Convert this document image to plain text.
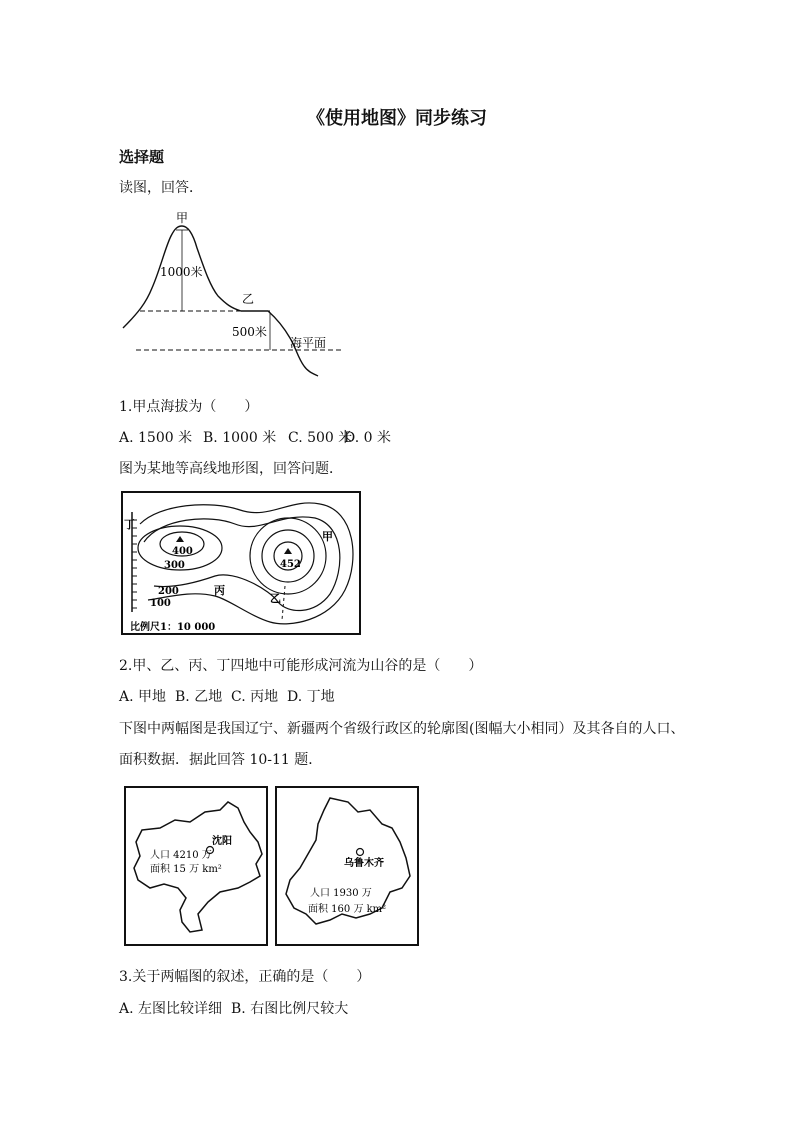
《使用地图》同步练习
选择题
读图，回答．
甲
1000米
乙
500米
海平面
1.甲点海拔为（　　）
A. 1500 米 B. 1000 米 C. 500 米D. 0 米
图为某地等高线地形图，回答问题．
丁
400
300	452
甲
200
100
丙
乙
比例尺1：10 000
2.甲、乙、丙、丁四地中可能形成河流为山谷的是（　　）
A. 甲地 B. 乙地 C. 丙地 D. 丁地
下图中两幅图是我国辽宁、新疆两个省级行政区的轮廓图(图幅大小相同）及其各自的人口、
面积数据．据此回答 10-11 题．
沈阳
人口 4210 万
面积 15 万 km²
乌鲁木齐
人口 1930 万
面积 160 万 km²
3.关于两幅图的叙述，正确的是（　　）
A. 左图比较详细 B. 右图比例尺较大
